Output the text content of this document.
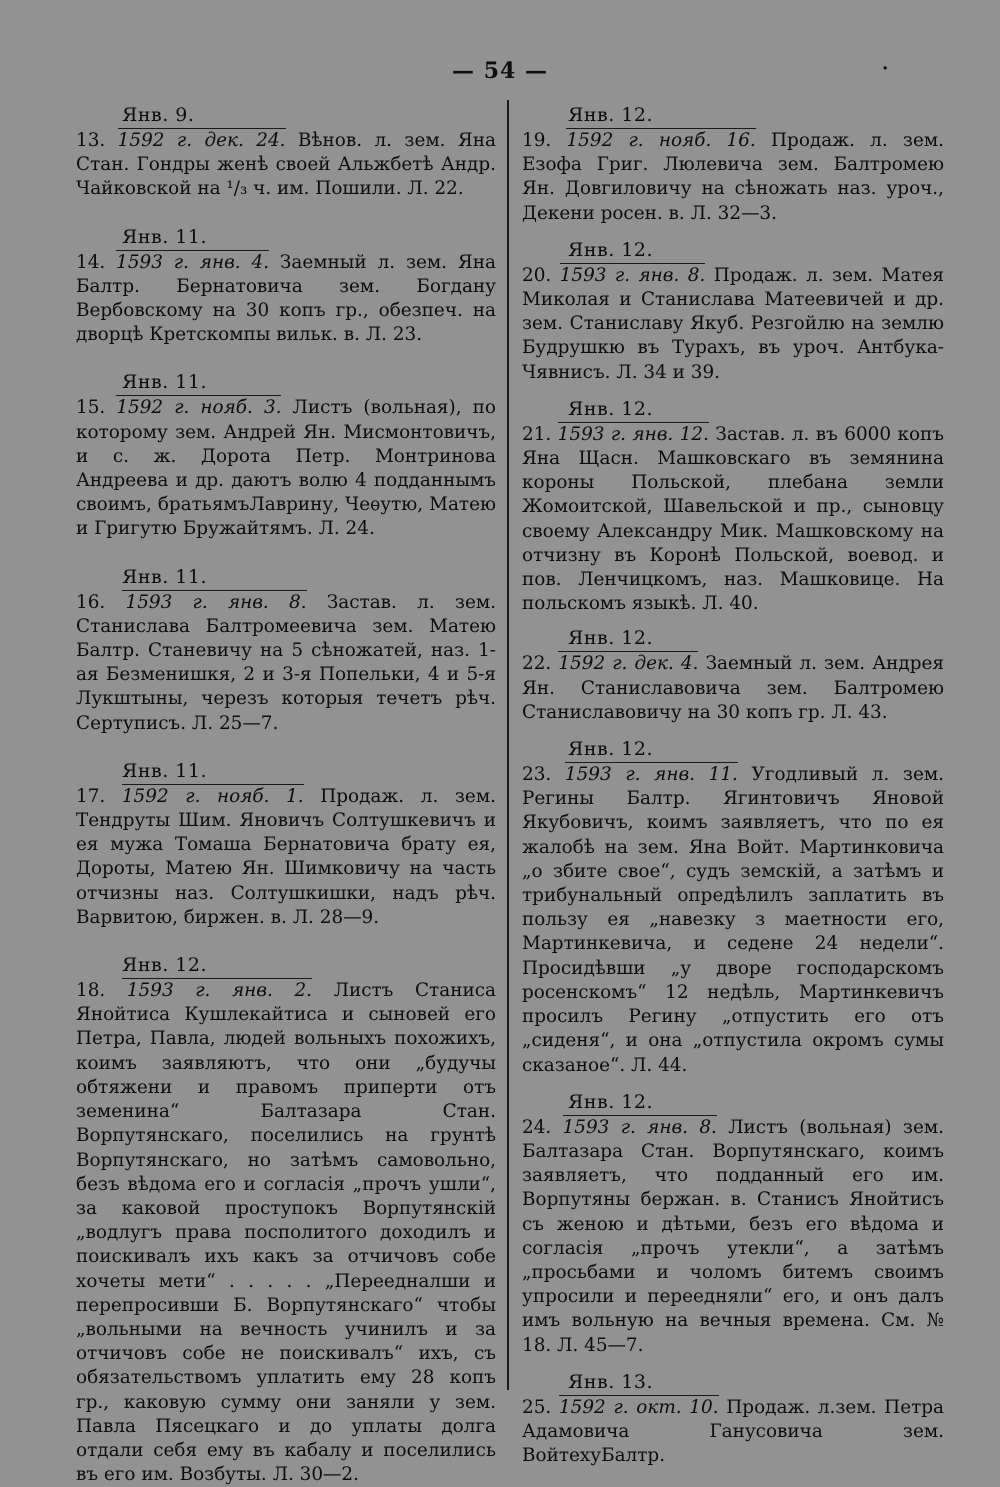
— 54 —	·
Янв. 9.

13. 1592 г. дек. 24. Вѣнов. л. зем. Яна Стан. Гондры женѣ своей Альжбетѣ Андр. Чайковской на ¹/₃ ч. им. Пошили. Л. 22.

Янв. 11.

14. 1593 г. янв. 4. Заемный л. зем. Яна Балтр. Бернатовича зем. Богдану Вербовскому на 30 копъ гр., обезпеч. на дворцѣ Кретскомпы вильк. в. Л. 23.

Янв. 11.

15. 1592 г. нояб. 3. Листъ (вольная), по которому зем. Андрей Ян. Мисмонтовичъ, и с. ж. Дорота Петр. Монтринова Андреева и др. даютъ волю 4 подданнымъ своимъ, братьямъЛаврину, Чеѳутю, Матею и Григутю Бружайтямъ. Л. 24.

Янв. 11.

16. 1593 г. янв. 8. Застав. л. зем. Станислава Балтромеевича зем. Матею Балтр. Станевичу на 5 сѣножатей, наз. 1-ая Безменишкя, 2 и 3-я Попельки, 4 и 5-я Лукштыны, черезъ которыя течетъ рѣч. Сертуписъ. Л. 25—7.

Янв. 11.

17. 1592 г. нояб. 1. Продаж. л. зем. Тендруты Шим. Яновичъ Солтушкевичъ и ея мужа Томаша Бернатовича брату ея, Дороты, Матею Ян. Шимковичу на часть отчизны наз. Солтушкишки, надъ рѣч. Варвитою, биржен. в. Л. 28—9.

Янв. 12.

18. 1593 г. янв. 2. Листъ Станиса Янойтиса Кушлекайтиса и сыновей его Петра, Павла, людей вольныхъ похожихъ, коимъ заявляютъ, что они „будучы обтяжени и правомъ приперти отъ земенина“ Балтазара Стан. Ворпутянскаго, поселились на грунтѣ Ворпутянскаго, но затѣмъ самовольно, безъ вѣдома его и согласія „прочъ ушли“, за каковой проступокъ Ворпутянскій „водлугъ права посполитого доходилъ и поискивалъ ихъ какъ за отчичовъ собе хочеты мети“ . . . . . „Переедналши и перепросивши Б. Ворпутянскаго“ чтобы „вольными на вечность учинилъ и за отчичовъ собе не поискивалъ“ ихъ, съ обязательствомъ уплатить ему 28 копъ гр., каковую сумму они заняли у зем. Павла Пясецкаго и до уплаты долга отдали себя ему въ кабалу и поселились въ его им. Возбуты. Л. 30—2.

Янв. 12.

19. 1592 г. нояб. 16. Продаж. л. зем. Езофа Григ. Люлевича зем. Балтромею Ян. Довгиловичу на сѣножать наз. уроч., Декени росен. в. Л. 32—3.

Янв. 12.

20. 1593 г. янв. 8. Продаж. л. зем. Матея Миколая и Станислава Матеевичей и др. зем. Станиславу Якуб. Резгойлю на землю Будрушкю въ Турахъ, въ уроч. Антбука-Чявнисъ. Л. 34 и 39.

Янв. 12.

21. 1593 г. янв. 12. Застав. л. въ 6000 копъ Яна Щасн. Машковскаго въ земянина короны Польской, плебана земли Жомоитской, Шавельской и пр., сыновцу своему Александру Мик. Машковскому на отчизну въ Коронѣ Польской, воевод. и пов. Ленчицкомъ, наз. Машковице. На польскомъ языкѣ. Л. 40.

Янв. 12.

22. 1592 г. дек. 4. Заемный л. зем. Андрея Ян. Станиславовича зем. Балтромею Станиславовичу на 30 копъ гр. Л. 43.

Янв. 12.

23. 1593 г. янв. 11. Угодливый л. зем. Регины Балтр. Ягинтовичъ Яновой Якубовичъ, коимъ заявляетъ, что по ея жалобѣ на зем. Яна Войт. Мартинковича „о збите свое“, судъ земскій, а затѣмъ и трибунальный опредѣлилъ заплатить въ пользу ея „навезку з маетности его, Мартинкевича, и седене 24 недели“. Просидѣвши „у дворе господарскомъ росенскомъ“ 12 недѣль, Мартинкевичъ просилъ Регину „отпустить его отъ „сиденя“, и она „отпустила окромъ сумы сказаное“. Л. 44.

Янв. 12.

24. 1593 г. янв. 8. Листъ (вольная) зем. Балтазара Стан. Ворпутянскаго, коимъ заявляетъ, что подданный его им. Ворпутяны бержан. в. Станисъ Янойтисъ съ женою и дѣтьми, безъ его вѣдома и согласія „прочъ утекли“, а затѣмъ „просьбами и чоломъ битемъ своимъ упросили и переедняли“ его, и онъ далъ имъ вольную на вечныя времена. См. № 18. Л. 45—7.

Янв. 13.

25. 1592 г. окт. 10. Продаж. л.зем. Петра Адамовича Ганусовича зем. ВойтехуБалтр.
